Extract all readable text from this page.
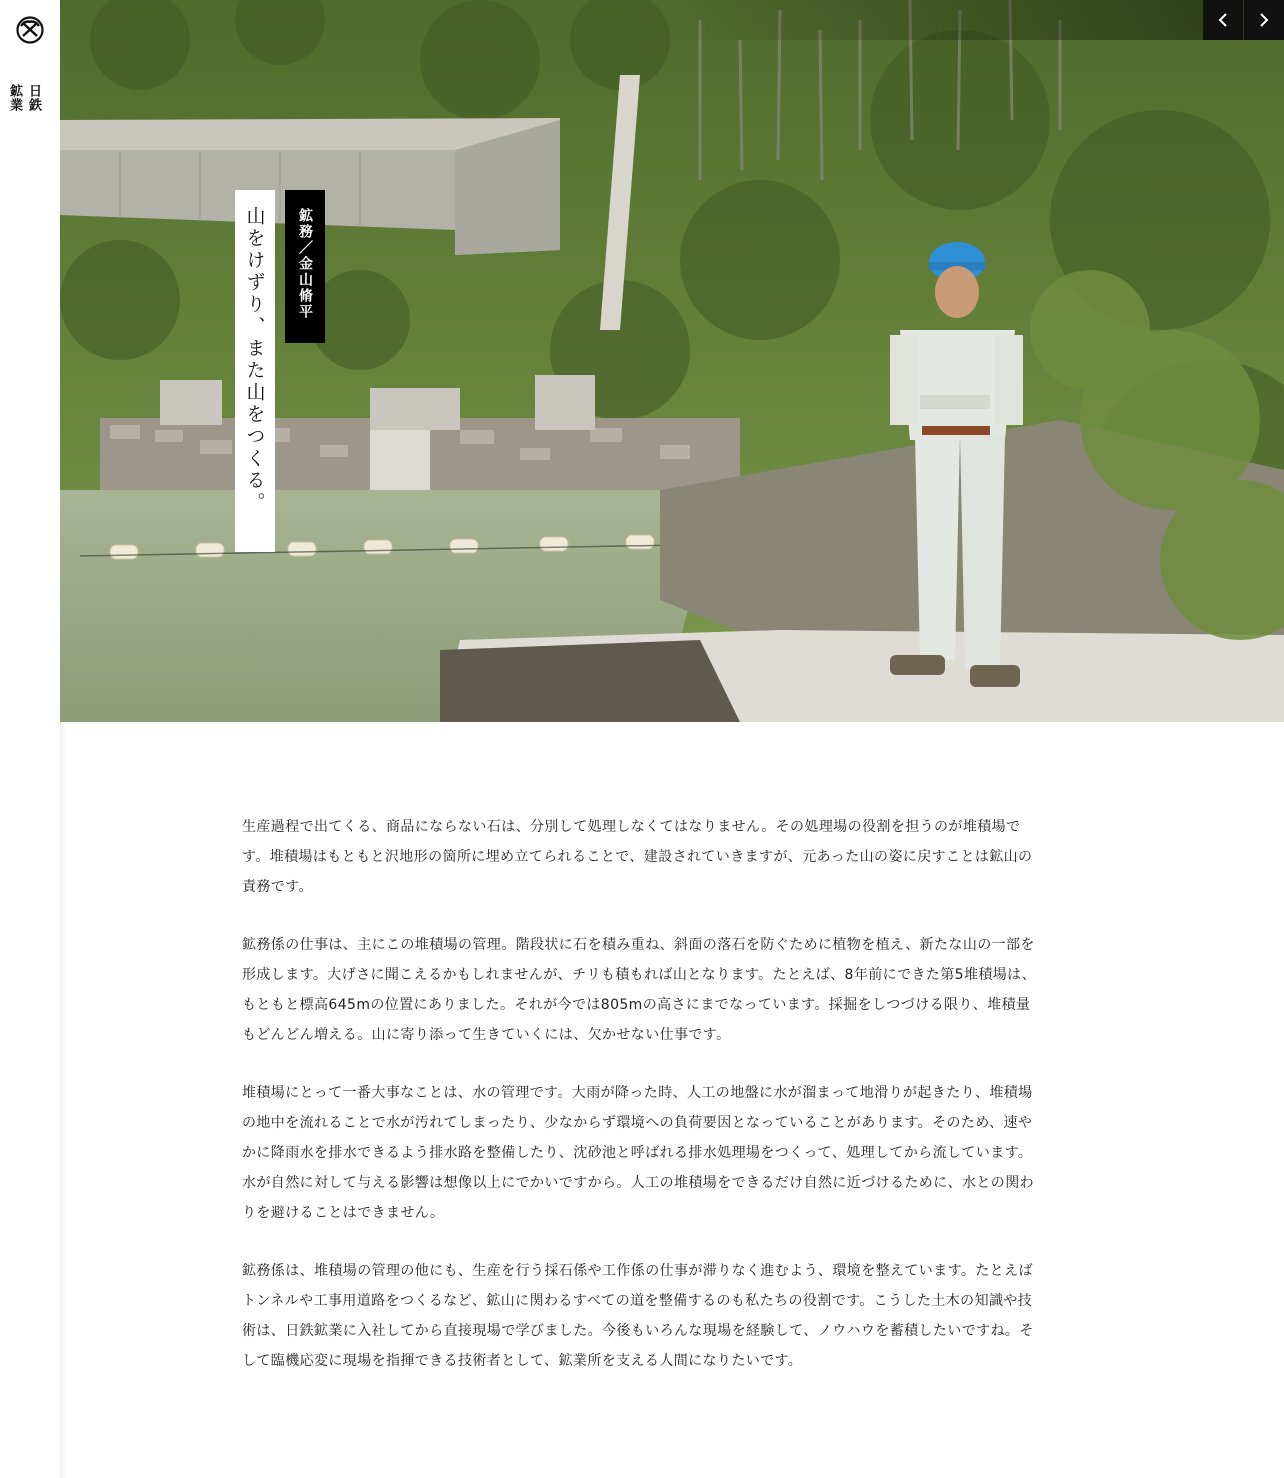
日鉄
鉱業
山をけずり、また山をつくる。 鉱務／金山脩平

生産過程で出てくる、商品にならない石は、分別して処理しなくてはなりません。その処理場の役割を担うのが堆積場です。堆積場はもともと沢地形の箇所に埋め立てられることで、建設されていきますが、元あった山の姿に戻すことは鉱山の責務です。

鉱務係の仕事は、主にこの堆積場の管理。階段状に石を積み重ね、斜面の落石を防ぐために植物を植え、新たな山の一部を形成します。大げさに聞こえるかもしれませんが、チリも積もれば山となります。たとえば、8年前にできた第5堆積場は、もともと標高645mの位置にありました。それが今では805mの高さにまでなっています。採掘をしつづける限り、堆積量もどんどん増える。山に寄り添って生きていくには、欠かせない仕事です。

堆積場にとって一番大事なことは、水の管理です。大雨が降った時、人工の地盤に水が溜まって地滑りが起きたり、堆積場の地中を流れることで水が汚れてしまったり、少なからず環境への負荷要因となっていることがあります。そのため、速やかに降雨水を排水できるよう排水路を整備したり、沈砂池と呼ばれる排水処理場をつくって、処理してから流しています。水が自然に対して与える影響は想像以上にでかいですから。人工の堆積場をできるだけ自然に近づけるために、水との関わりを避けることはできません。

鉱務係は、堆積場の管理の他にも、生産を行う採石係や工作係の仕事が滞りなく進むよう、環境を整えています。たとえばトンネルや工事用道路をつくるなど、鉱山に関わるすべての道を整備するのも私たちの役割です。こうした土木の知識や技術は、日鉄鉱業に入社してから直接現場で学びました。今後もいろんな現場を経験して、ノウハウを蓄積したいですね。そして臨機応変に現場を指揮できる技術者として、鉱業所を支える人間になりたいです。
